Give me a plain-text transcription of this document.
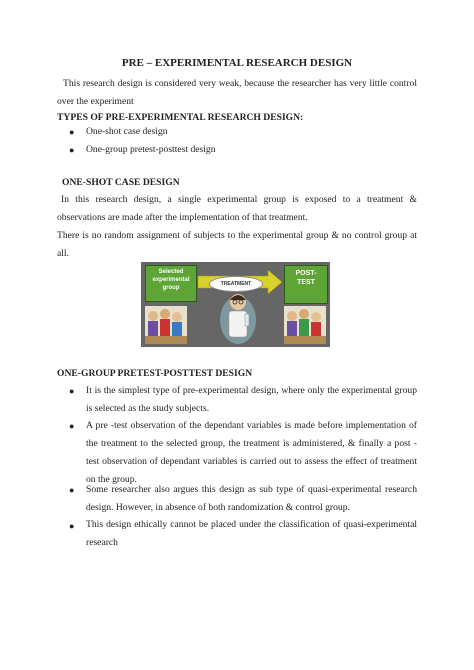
PRE – EXPERIMENTAL RESEARCH DESIGN
This research design is considered very weak, because the researcher has very little control over the experiment
TYPES OF PRE-EXPERIMENTAL RESEARCH DESIGN:
● One-shot case design
● One-group pretest-posttest design
ONE-SHOT CASE DESIGN
In this research design, a single experimental group is exposed to a treatment & observations are made after the implementation of that treatment.
There is no random assignment of subjects to the experimental group & no control group at all.
Selected
experimental
group
TREATMENT
POST-
TEST
ONE-GROUP PRETEST-POSTTEST DESIGN
● It is the simplest type of pre-experimental design, where only the experimental group is selected as the study subjects.
● A pre -test observation of the dependant variables is made before implementation of the treatment to the selected group, the treatment is administered, & finally a post -test observation of dependant variables is carried out to assess the effect of treatment on the group.
● Some researcher also argues this design as sub type of quasi-experimental research design. However, in absence of both randomization & control group.
● This design ethically cannot be placed under the classification of quasi-experimental research
